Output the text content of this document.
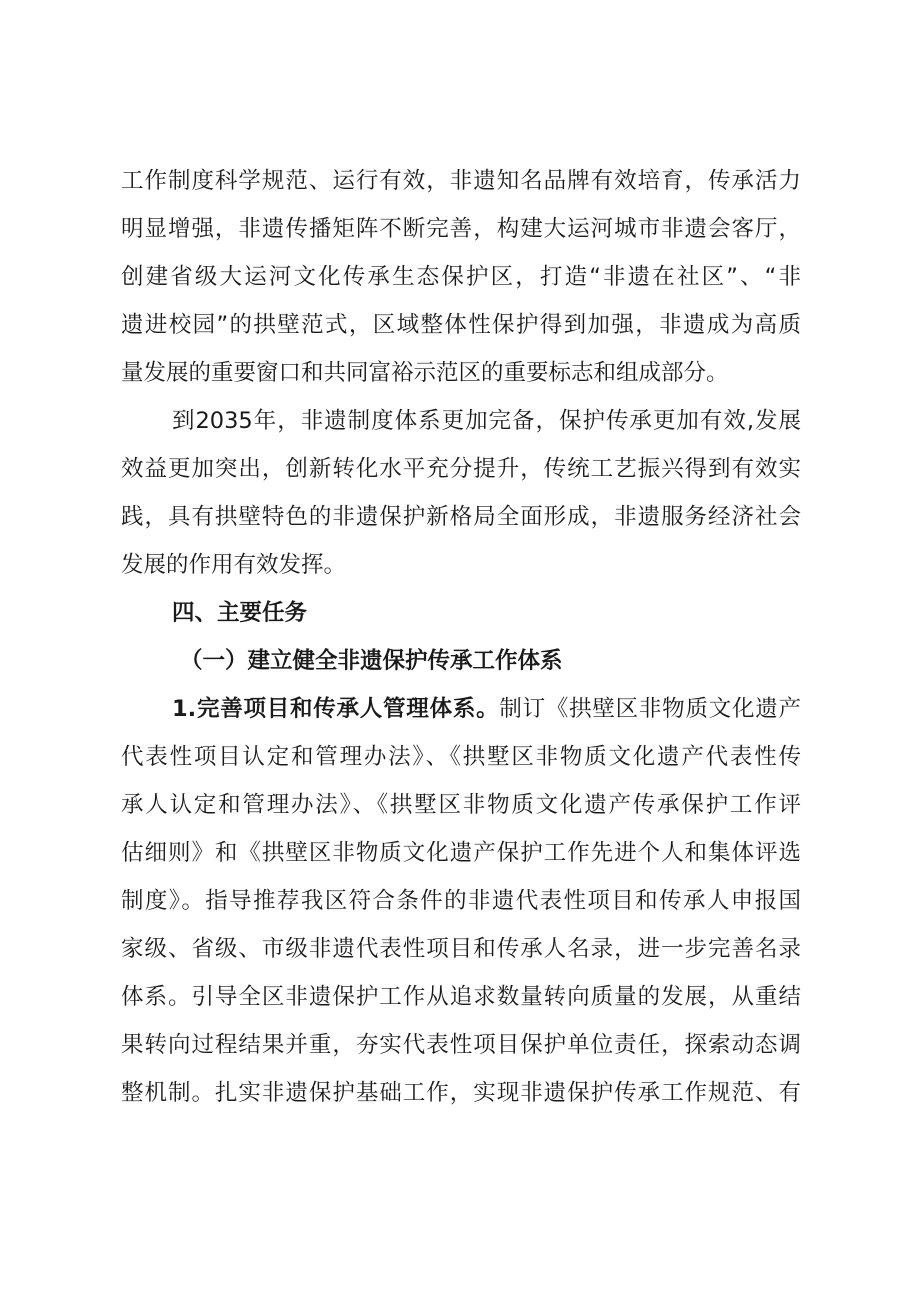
工作制度科学规范、运行有效，非遗知名品牌有效培育，传承活力
明显增强，非遗传播矩阵不断完善，构建大运河城市非遗会客厅，
创建省级大运河文化传承生态保护区，打造“非遗在社区”、“非
遗进校园”的拱壁范式，区域整体性保护得到加强，非遗成为高质
量发展的重要窗口和共同富裕示范区的重要标志和组成部分。
到2035年，非遗制度体系更加完备，保护传承更加有效,发展
效益更加突出，创新转化水平充分提升，传统工艺振兴得到有效实
践，具有拱壁特色的非遗保护新格局全面形成，非遗服务经济社会
发展的作用有效发挥。
四、主要任务
（一）建立健全非遗保护传承工作体系
1.完善项目和传承人管理体系。制订《拱壁区非物质文化遗产
代表性项目认定和管理办法》、《拱墅区非物质文化遗产代表性传
承人认定和管理办法》、《拱墅区非物质文化遗产传承保护工作评
估细则》和《拱壁区非物质文化遗产保护工作先进个人和集体评选
制度》。指导推荐我区符合条件的非遗代表性项目和传承人申报国
家级、省级、市级非遗代表性项目和传承人名录，进一步完善名录
体系。引导全区非遗保护工作从追求数量转向质量的发展，从重结
果转向过程结果并重，夯实代表性项目保护单位责任，探索动态调
整机制。扎实非遗保护基础工作，实现非遗保护传承工作规范、有
